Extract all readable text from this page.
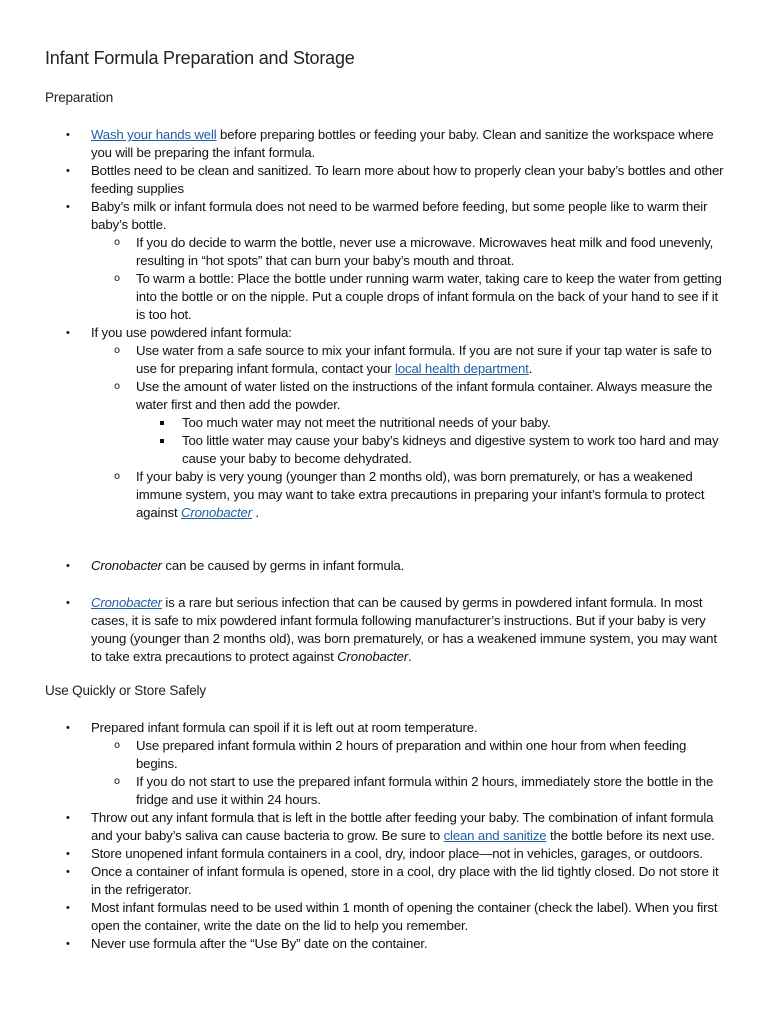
Infant Formula Preparation and Storage
Preparation
• Wash your hands well before preparing bottles or feeding your baby. Clean and sanitize the workspace where you will be preparing the infant formula.
• Bottles need to be clean and sanitized. To learn more about how to properly clean your baby’s bottles and other feeding supplies
• Baby’s milk or infant formula does not need to be warmed before feeding, but some people like to warm their baby’s bottle.
o If you do decide to warm the bottle, never use a microwave. Microwaves heat milk and food unevenly, resulting in “hot spots” that can burn your baby’s mouth and throat.
o To warm a bottle: Place the bottle under running warm water, taking care to keep the water from getting into the bottle or on the nipple. Put a couple drops of infant formula on the back of your hand to see if it is too hot.
• If you use powdered infant formula:
o Use water from a safe source to mix your infant formula. If you are not sure if your tap water is safe to use for preparing infant formula, contact your local health department.
o Use the amount of water listed on the instructions of the infant formula container. Always measure the water first and then add the powder.
Too much water may not meet the nutritional needs of your baby.
Too little water may cause your baby’s kidneys and digestive system to work too hard and may cause your baby to become dehydrated.
o If your baby is very young (younger than 2 months old), was born prematurely, or has a weakened immune system, you may want to take extra precautions in preparing your infant’s formula to protect against Cronobacter .
• Cronobacter can be caused by germs in infant formula.
• Cronobacter is a rare but serious infection that can be caused by germs in powdered infant formula. In most cases, it is safe to mix powdered infant formula following manufacturer’s instructions. But if your baby is very young (younger than 2 months old), was born prematurely, or has a weakened immune system, you may want to take extra precautions to protect against Cronobacter.
Use Quickly or Store Safely
• Prepared infant formula can spoil if it is left out at room temperature.
o Use prepared infant formula within 2 hours of preparation and within one hour from when feeding begins.
o If you do not start to use the prepared infant formula within 2 hours, immediately store the bottle in the fridge and use it within 24 hours.
• Throw out any infant formula that is left in the bottle after feeding your baby. The combination of infant formula and your baby’s saliva can cause bacteria to grow. Be sure to clean and sanitize the bottle before its next use.
• Store unopened infant formula containers in a cool, dry, indoor place—not in vehicles, garages, or outdoors.
• Once a container of infant formula is opened, store in a cool, dry place with the lid tightly closed. Do not store it in the refrigerator.
• Most infant formulas need to be used within 1 month of opening the container (check the label). When you first open the container, write the date on the lid to help you remember.
• Never use formula after the “Use By” date on the container.
